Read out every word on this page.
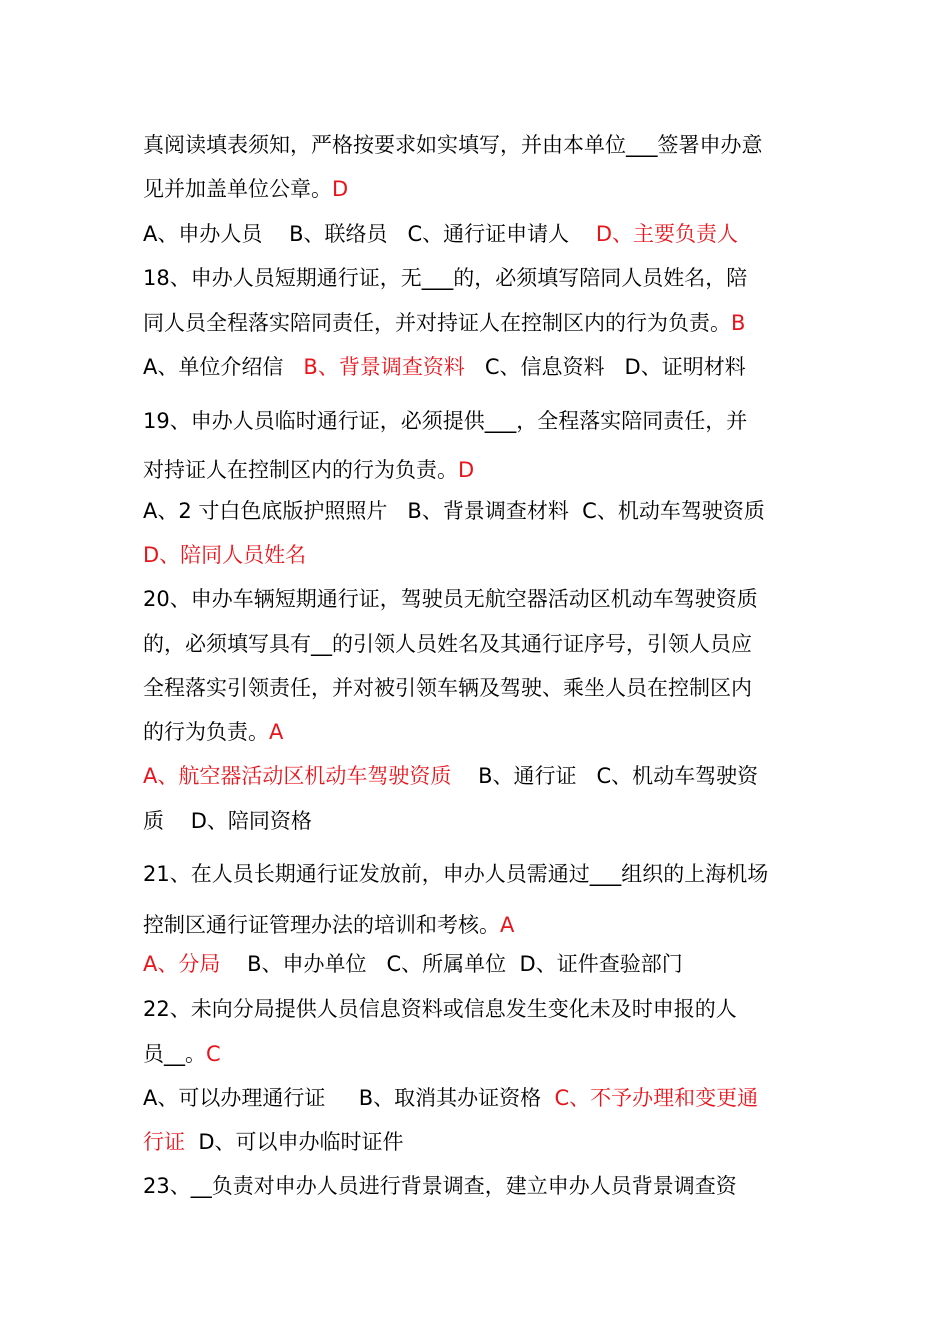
真阅读填表须知，严格按要求如实填写，并由本单位___签署申办意
见并加盖单位公章。D
A、申办人员    B、联络员   C、通行证申请人    D、主要负责人
18、申办人员短期通行证，无___的，必须填写陪同人员姓名，陪
同人员全程落实陪同责任，并对持证人在控制区内的行为负责。B
A、单位介绍信   B、背景调查资料   C、信息资料   D、证明材料
19、申办人员临时通行证，必须提供___，全程落实陪同责任，并
对持证人在控制区内的行为负责。D
A、2 寸白色底版护照照片   B、背景调查材料  C、机动车驾驶资质
D、陪同人员姓名
20、申办车辆短期通行证，驾驶员无航空器活动区机动车驾驶资质
的，必须填写具有__的引领人员姓名及其通行证序号，引领人员应
全程落实引领责任，并对被引领车辆及驾驶、乘坐人员在控制区内
的行为负责。A
A、航空器活动区机动车驾驶资质    B、通行证   C、机动车驾驶资
质    D、陪同资格
21、在人员长期通行证发放前，申办人员需通过___组织的上海机场
控制区通行证管理办法的培训和考核。A
A、分局    B、申办单位   C、所属单位  D、证件查验部门
22、未向分局提供人员信息资料或信息发生变化未及时申报的人
员__。C
A、可以办理通行证     B、取消其办证资格  C、不予办理和变更通
行证  D、可以申办临时证件
23、__负责对申办人员进行背景调查，建立申办人员背景调查资
